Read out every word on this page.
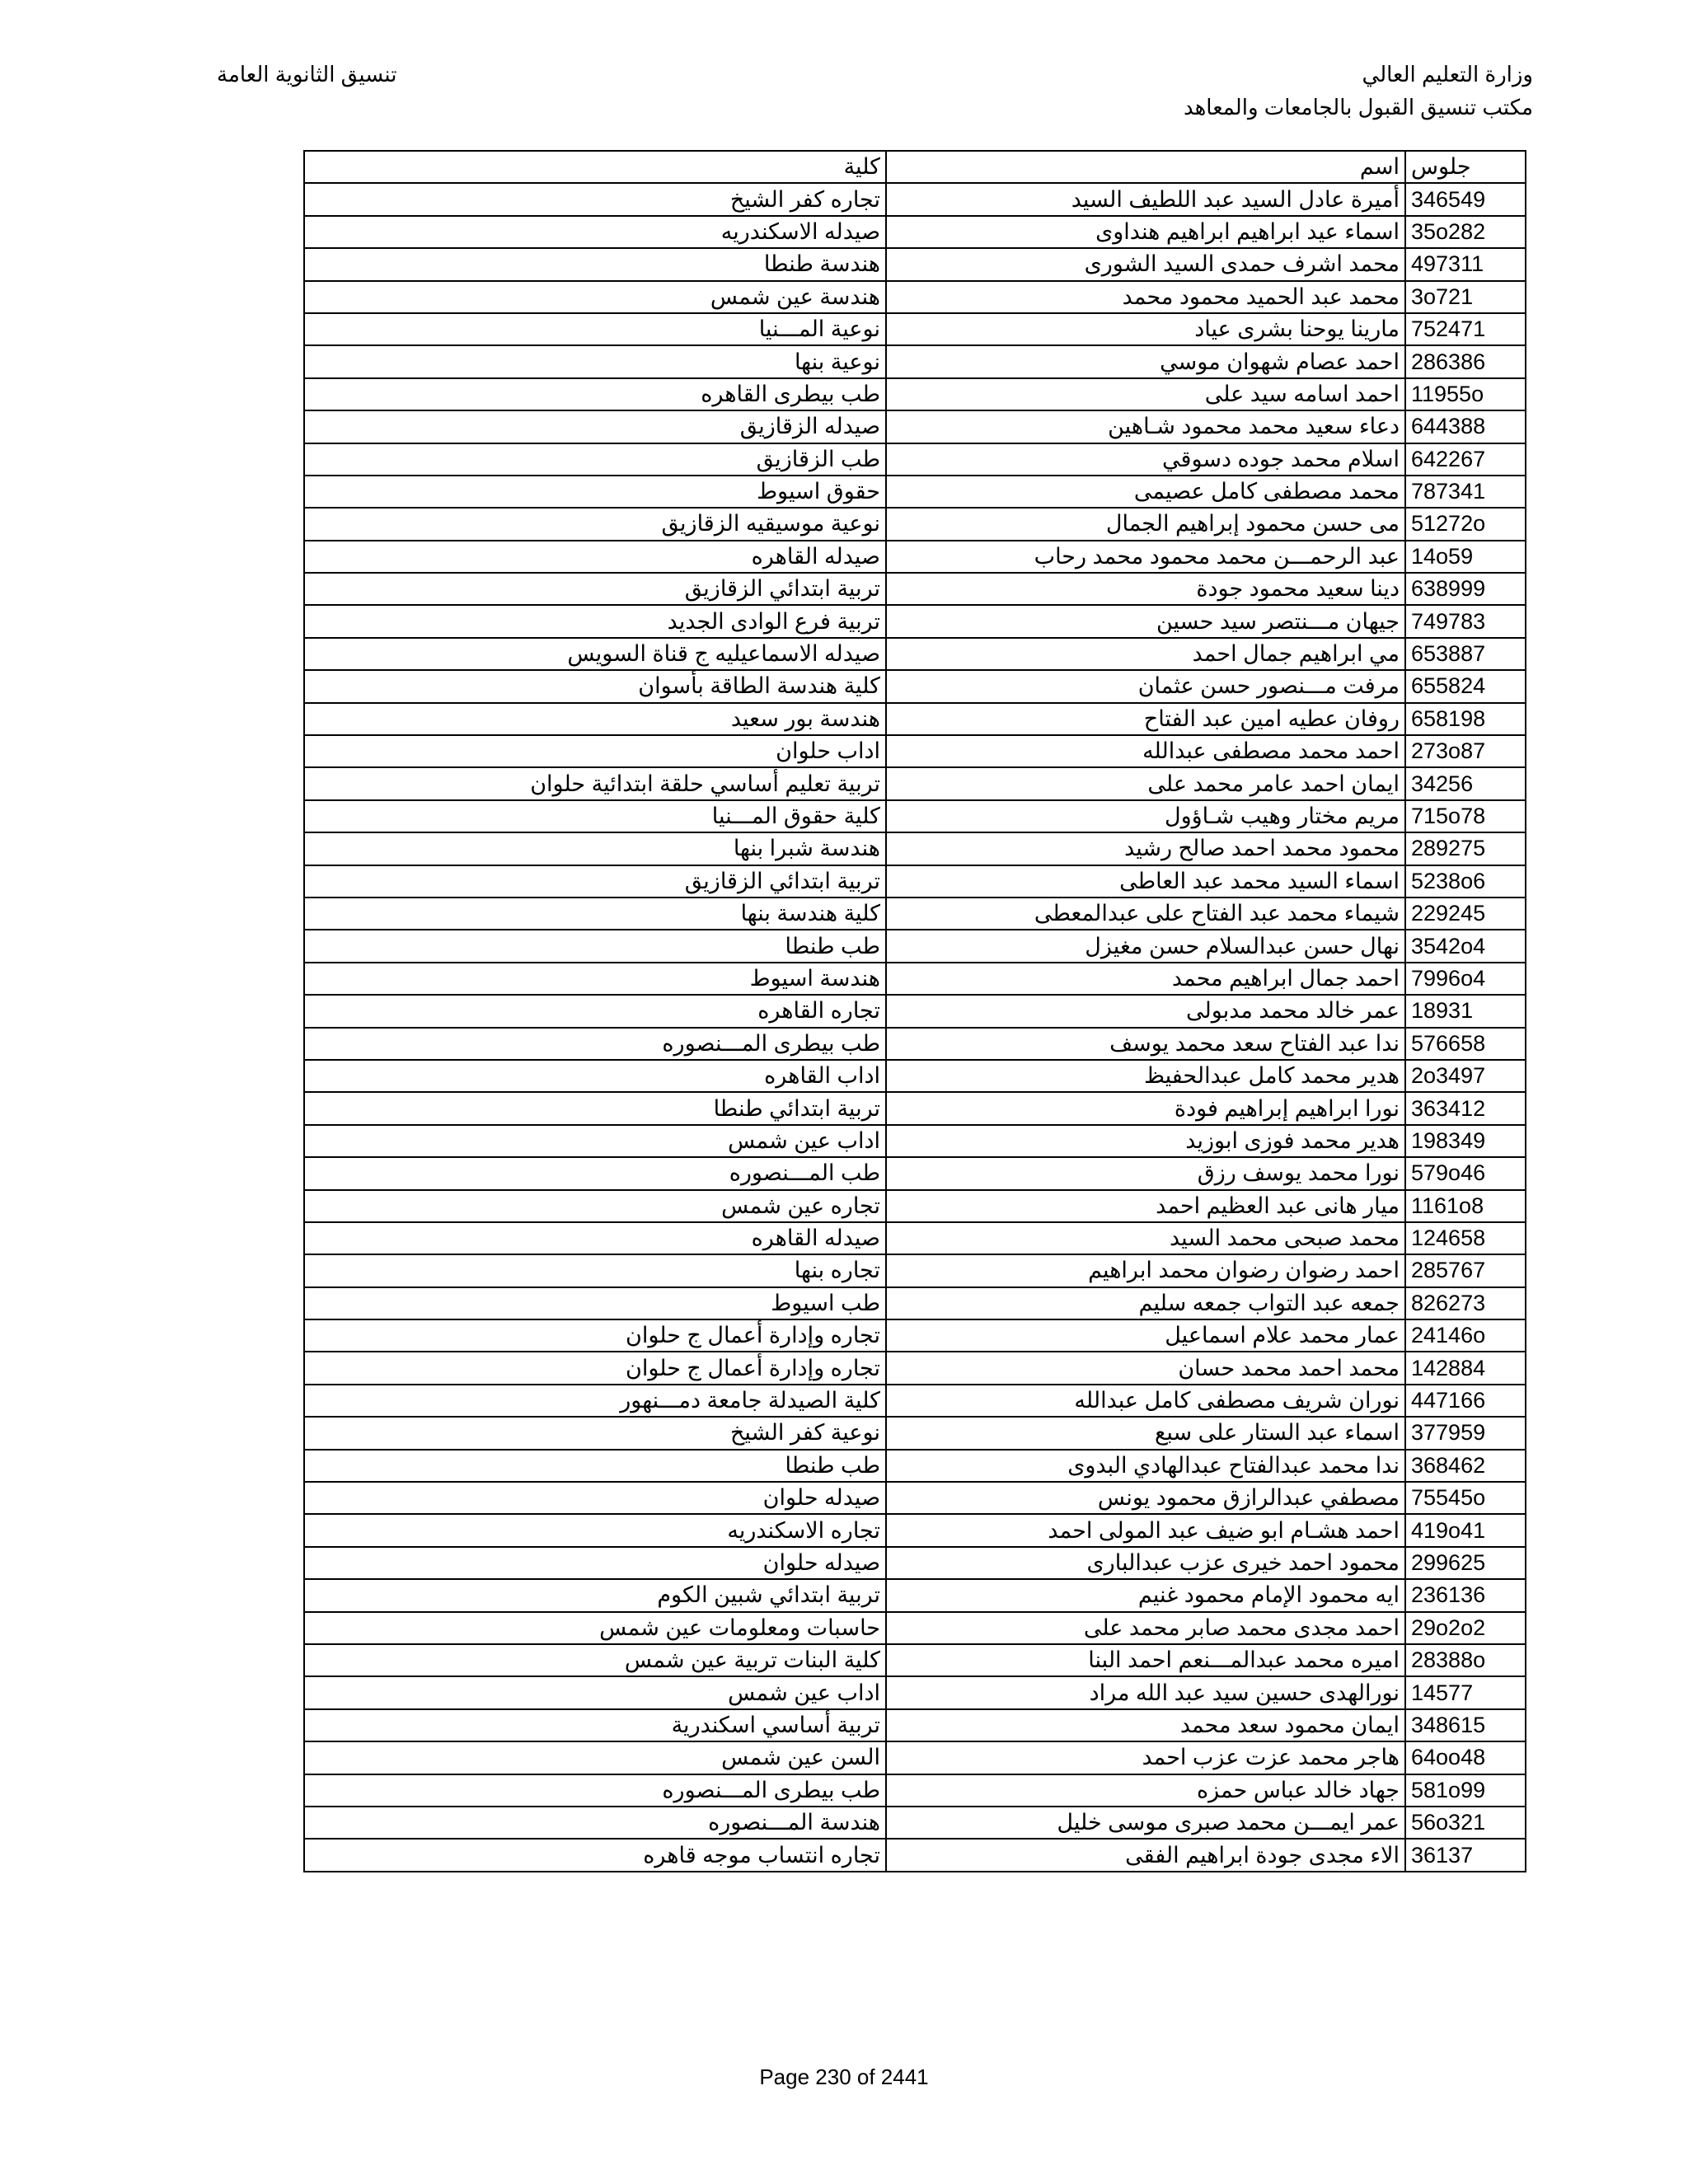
وزارة التعليم العالي
مكتب تنسيق القبول بالجامعات والمعاهد
تنسيق الثانوية العامة
كلية	اسم	جلوس
تجاره كفر الشيخ	أميرة عادل السيد عبد اللطيف السيد	346549
صيدله الاسكندريه	اسماء عيد ابراهيم ابراهيم هنداوى	35o282
هندسة طنطا	محمد اشرف حمدى السيد الشورى	497311
هندسة عين شمس	محمد عبد الحميد محمود محمد	3o721
نوعية المـــنيا	مارينا يوحنا بشرى عياد	752471
نوعية بنها	احمد عصام شهوان موسي	286386
طب بيطرى القاهره	احمد اسامه سيد على	11955o
صيدله الزقازيق	دعاء سعيد محمد محمود شـاهين	644388
طب الزقازيق	اسلام محمد جوده دسوقي	642267
حقوق اسيوط	محمد مصطفى كامل عصيمى	787341
نوعية موسيقيه الزقازيق	مى حسن محمود إبراهيم الجمال	51272o
صيدله القاهره	عبد الرحمـــن محمد محمود محمد رحاب	14o59
تربية ابتدائي الزقازيق	دينا سعيد محمود جودة	638999
تربية فرع الوادى الجديد	جيهان مـــنتصر سيد حسين	749783
صيدله الاسماعيليه ج قناة السويس	مي ابراهيم جمال احمد	653887
كلية هندسة الطاقة بأسوان	مرفت مـــنصور حسن عثمان	655824
هندسة بور سعيد	روفان عطيه امين عبد الفتاح	658198
اداب حلوان	احمد محمد مصطفى عبدالله	273o87
تربية تعليم أساسي حلقة ابتدائية حلوان	ايمان احمد عامر محمد على	34256
كلية حقوق المـــنيا	مريم مختار وهيب شـاؤول	715o78
هندسة شبرا بنها	محمود محمد احمد صالح رشيد	289275
تربية ابتدائي الزقازيق	اسماء السيد محمد عبد العاطى	5238o6
كلية هندسة بنها	شيماء محمد عبد الفتاح على عبدالمعطى	229245
طب طنطا	نهال حسن عبدالسلام حسن مغيزل	3542o4
هندسة اسيوط	احمد جمال ابراهيم محمد	7996o4
تجاره القاهره	عمر خالد محمد مدبولى	18931
طب بيطرى المـــنصوره	ندا عبد الفتاح سعد محمد يوسف	576658
اداب القاهره	هدير محمد كامل عبدالحفيظ	2o3497
تربية ابتدائي طنطا	نورا ابراهيم إبراهيم فودة	363412
اداب عين شمس	هدير محمد فوزى ابوزيد	198349
طب المـــنصوره	نورا محمد يوسف رزق	579o46
تجاره عين شمس	ميار هانى عبد العظيم احمد	1161o8
صيدله القاهره	محمد صبحى محمد السيد	124658
تجاره بنها	احمد رضوان رضوان محمد ابراهيم	285767
طب اسيوط	جمعه عبد التواب جمعه سليم	826273
تجاره وإدارة أعمال ج حلوان	عمار محمد علام اسماعيل	24146o
تجاره وإدارة أعمال ج حلوان	محمد احمد محمد حسان	142884
كلية الصيدلة جامعة دمـــنهور	نوران شريف مصطفى كامل عبدالله	447166
نوعية كفر الشيخ	اسماء عبد الستار على سبع	377959
طب طنطا	ندا محمد عبدالفتاح عبدالهادي البدوى	368462
صيدله حلوان	مصطفي عبدالرازق محمود يونس	75545o
تجاره الاسكندريه	احمد هشـام ابو ضيف عبد المولى احمد	419o41
صيدله حلوان	محمود احمد خيرى عزب عبدالبارى	299625
تربية ابتدائي شبين الكوم	ايه محمود الإمام محمود غنيم	236136
حاسبات ومعلومات عين شمس	احمد مجدى محمد صابر محمد على	29o2o2
كلية البنات تربية عين شمس	اميره محمد عبدالمـــنعم احمد البنا	28388o
اداب عين شمس	نورالهدى حسين سيد عبد الله مراد	14577
تربية أساسي اسكندرية	ايمان محمود سعد محمد	348615
السن عين شمس	هاجر محمد عزت عزب احمد	64oo48
طب بيطرى المـــنصوره	جهاد خالد عباس حمزه	581o99
هندسة المـــنصوره	عمر ايمـــن محمد صبرى موسى خليل	56o321
تجاره انتساب موجه قاهره	الاء مجدى جودة ابراهيم الفقى	36137
Page 230 of 2441
